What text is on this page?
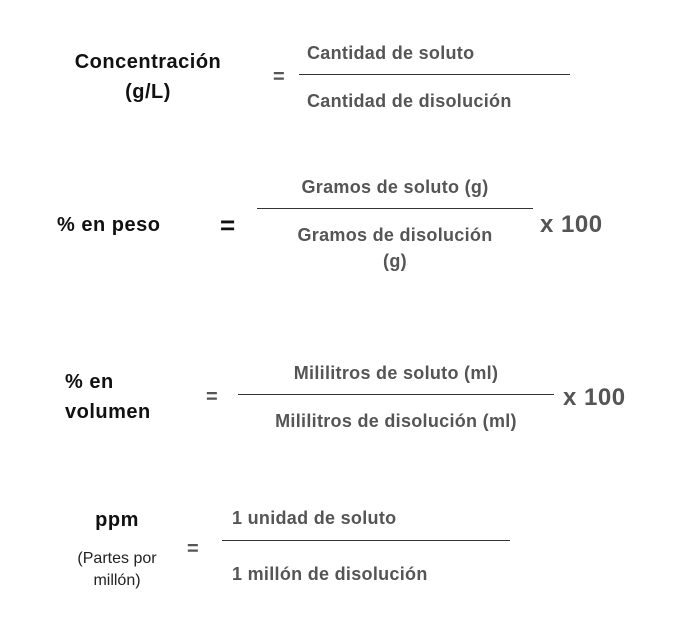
Concentración
(g/L)
=
Cantidad de soluto
Cantidad de disolución
% en peso =
Gramos de soluto (g)
Gramos de disolución
(g)
x 100
% en
volumen
=
Mililitros de soluto (ml)
Mililitros de disolución (ml)
x 100
ppm
(Partes por
millón)
=
1 unidad de soluto
1 millón de disolución
